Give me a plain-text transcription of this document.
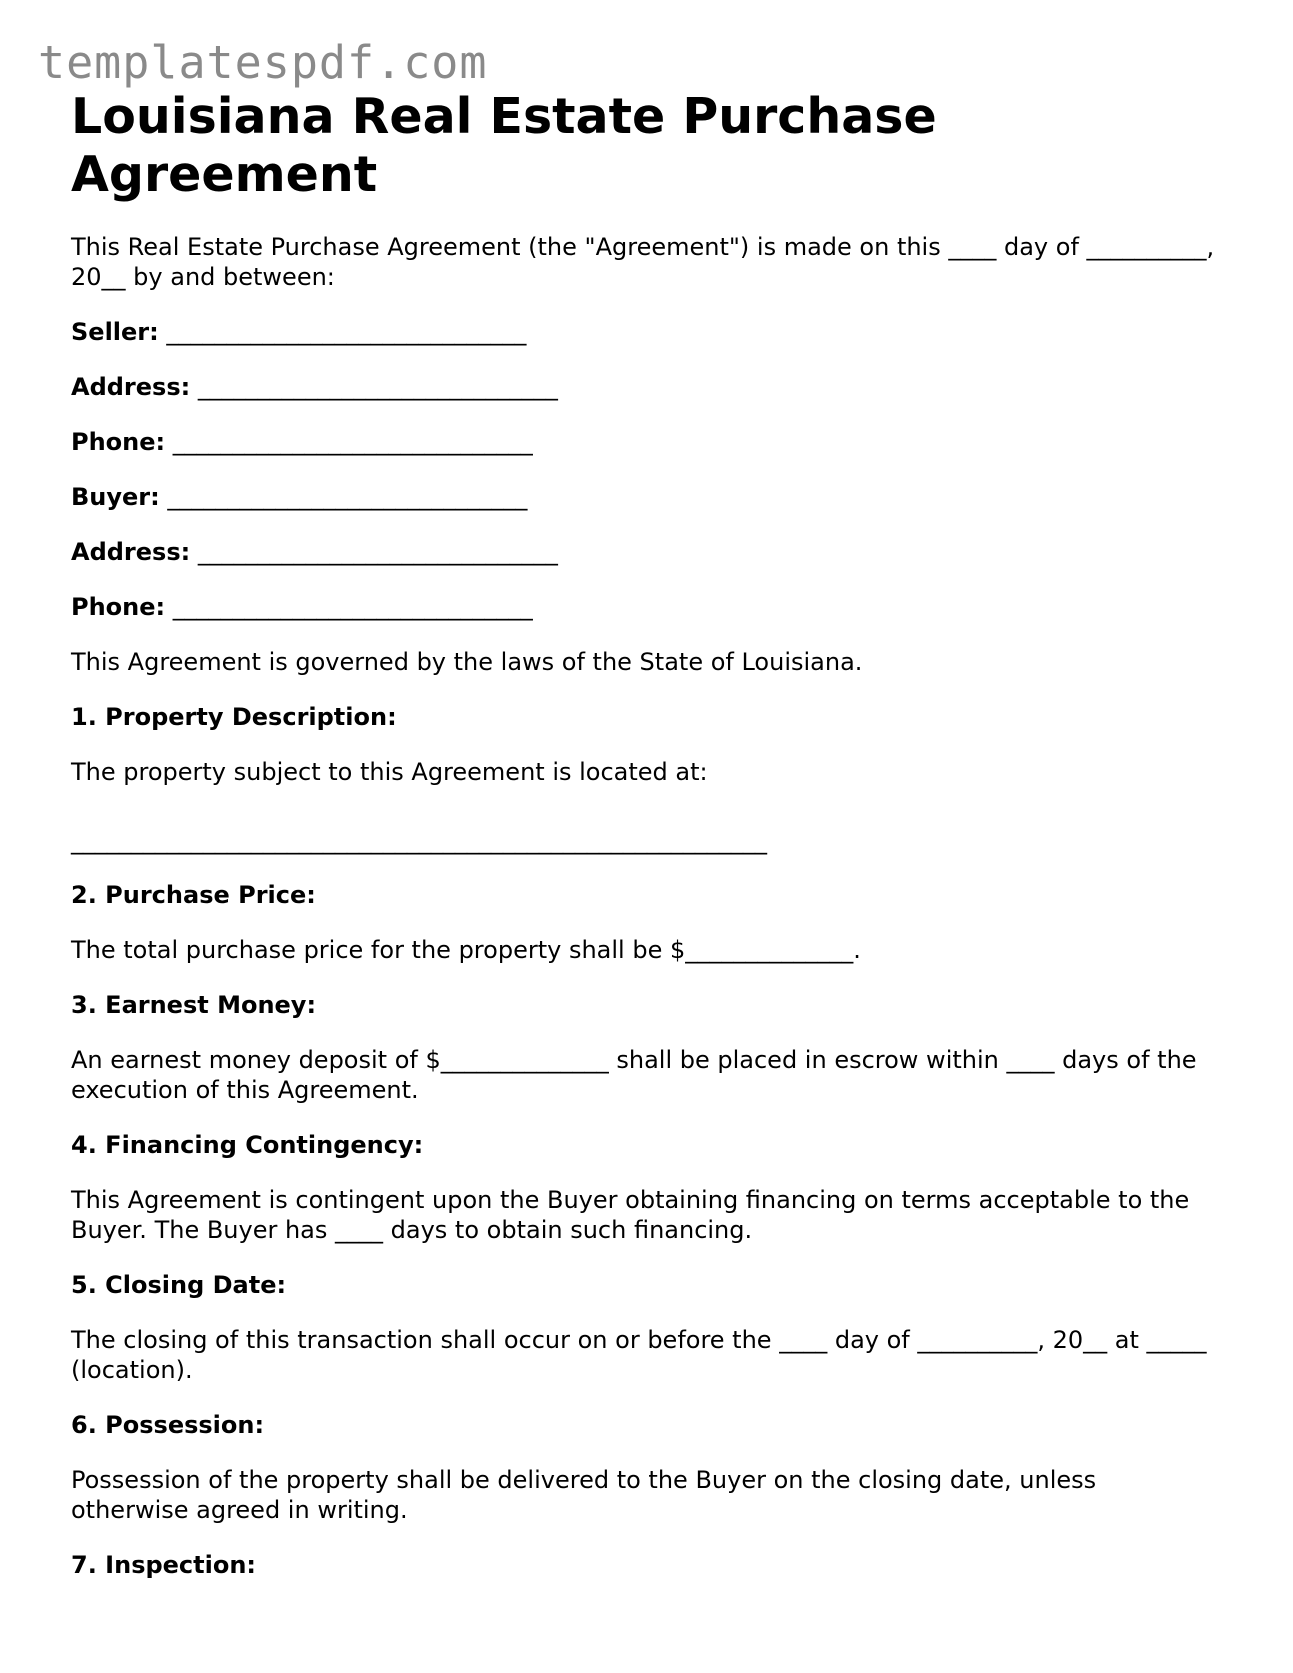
templatespdf.com
Louisiana Real Estate Purchase Agreement

This Real Estate Purchase Agreement (the "Agreement") is made on this ____ day of __________, 20__ by and between:

Seller: ______________________________

Address: ______________________________

Phone: ______________________________

Buyer: ______________________________

Address: ______________________________

Phone: ______________________________

This Agreement is governed by the laws of the State of Louisiana.

1. Property Description:

The property subject to this Agreement is located at:

__________________________________________________________

2. Purchase Price:

The total purchase price for the property shall be $______________.

3. Earnest Money:

An earnest money deposit of $______________ shall be placed in escrow within ____ days of the execution of this Agreement.

4. Financing Contingency:

This Agreement is contingent upon the Buyer obtaining financing on terms acceptable to the Buyer. The Buyer has ____ days to obtain such financing.

5. Closing Date:

The closing of this transaction shall occur on or before the ____ day of __________, 20__ at _____ (location).

6. Possession:

Possession of the property shall be delivered to the Buyer on the closing date, unless otherwise agreed in writing.

7. Inspection:
